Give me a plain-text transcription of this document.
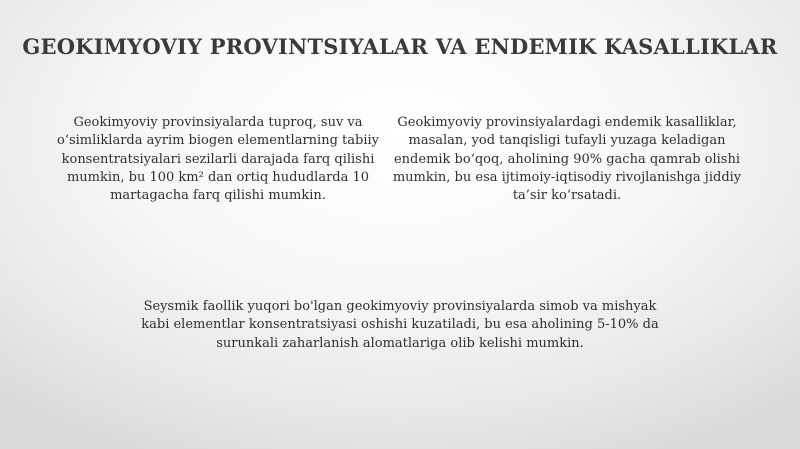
GEOKIMYOVIY PROVINTSIYALAR VA ENDEMIK KASALLIKLAR
Geokimyoviy provinsiyalarda tuproq, suv va o‘simliklarda ayrim biogen elementlarning tabiiy konsentratsiyalari sezilarli darajada farq qilishi mumkin, bu 100 km² dan ortiq hududlarda 10 martagacha farq qilishi mumkin.
Geokimyoviy provinsiyalardagi endemik kasalliklar, masalan, yod tanqisligi tufayli yuzaga keladigan endemik bo‘qoq, aholining 90% gacha qamrab olishi mumkin, bu esa ijtimoiy-iqtisodiy rivojlanishga jiddiy ta’sir ko‘rsatadi.
Seysmik faollik yuqori bo'lgan geokimyoviy provinsiyalarda simob va mishyak kabi elementlar konsentratsiyasi oshishi kuzatiladi, bu esa aholining 5-10% da surunkali zaharlanish alomatlariga olib kelishi mumkin.
